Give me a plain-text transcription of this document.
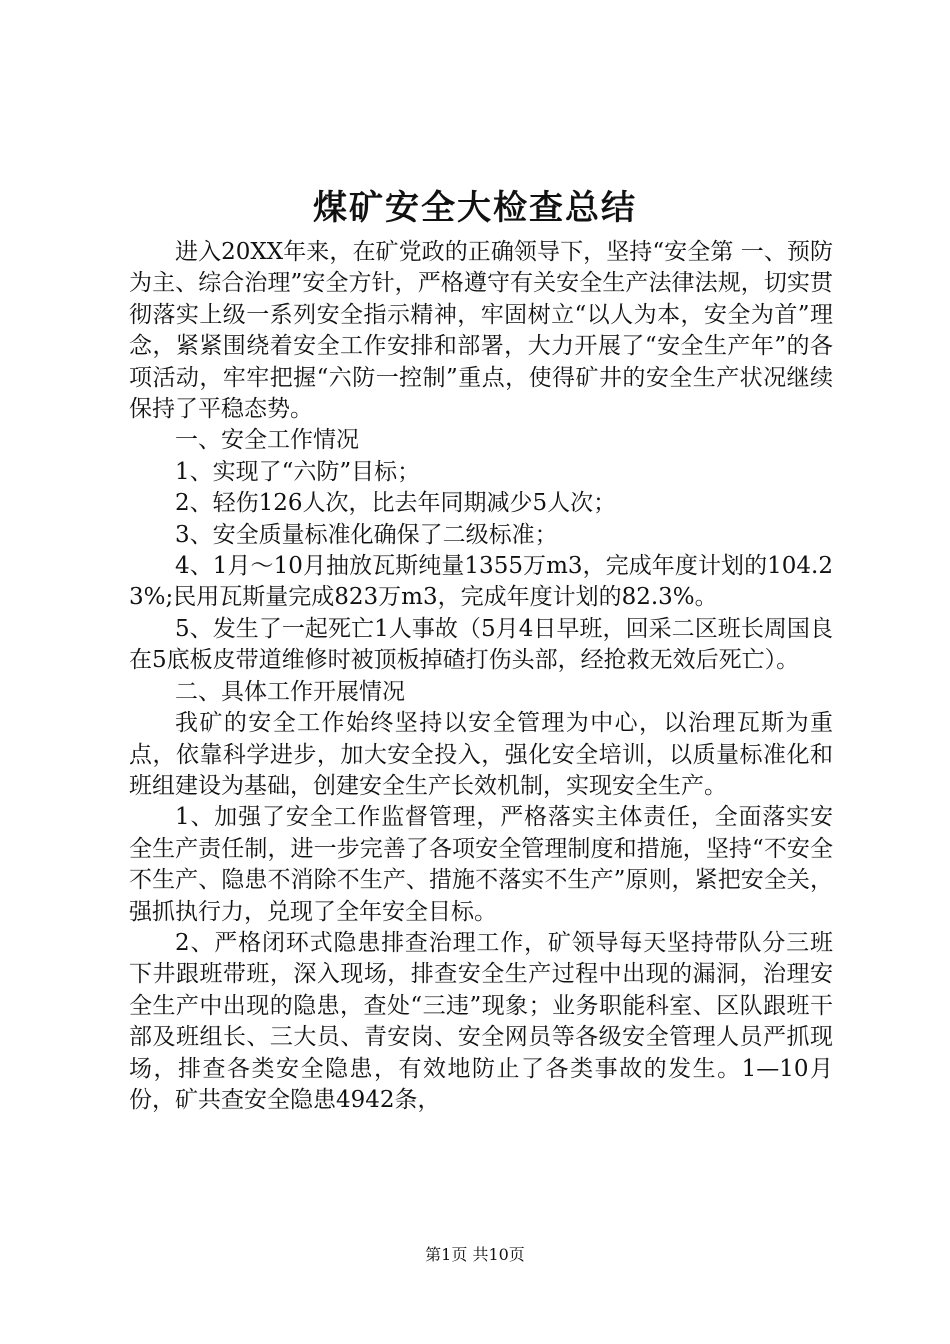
煤矿安全大检查总结

进入20XX年来，在矿党政的正确领导下，坚持“安全第 一、预防为主、综合治理”安全方针，严格遵守有关安全生产法律法规，切实贯彻落实上级一系列安全指示精神，牢固树立“以人为本，安全为首”理念，紧紧围绕着安全工作安排和部署，大力开展了“安全生产年”的各项活动，牢牢把握“六防一控制”重点，使得矿井的安全生产状况继续保持了平稳态势。

一、安全工作情况

1、实现了“六防”目标；

2、轻伤126人次，比去年同期减少5人次；

3、安全质量标准化确保了二级标准；

4、1月～10月抽放瓦斯纯量1355万m3，完成年度计划的104.23%;民用瓦斯量完成823万m3，完成年度计划的82.3%。

5、发生了一起死亡1人事故（5月4日早班，回采二区班长周国良在5底板皮带道维修时被顶板掉碴打伤头部，经抢救无效后死亡）。

二、具体工作开展情况

我矿的安全工作始终坚持以安全管理为中心，以治理瓦斯为重点，依靠科学进步，加大安全投入，强化安全培训，以质量标准化和班组建设为基础，创建安全生产长效机制，实现安全生产。

1、加强了安全工作监督管理，严格落实主体责任，全面落实安全生产责任制，进一步完善了各项安全管理制度和措施，坚持“不安全不生产、隐患不消除不生产、措施不落实不生产”原则，紧把安全关，强抓执行力，兑现了全年安全目标。

2、严格闭环式隐患排查治理工作，矿领导每天坚持带队分三班下井跟班带班，深入现场，排查安全生产过程中出现的漏洞，治理安全生产中出现的隐患，查处“三违”现象；业务职能科室、区队跟班干部及班组长、三大员、青安岗、安全网员等各级安全管理人员严抓现场，排查各类安全隐患，有效地防止了各类事故的发生。1—10月份，矿共查安全隐患4942条，

第1页 共10页
